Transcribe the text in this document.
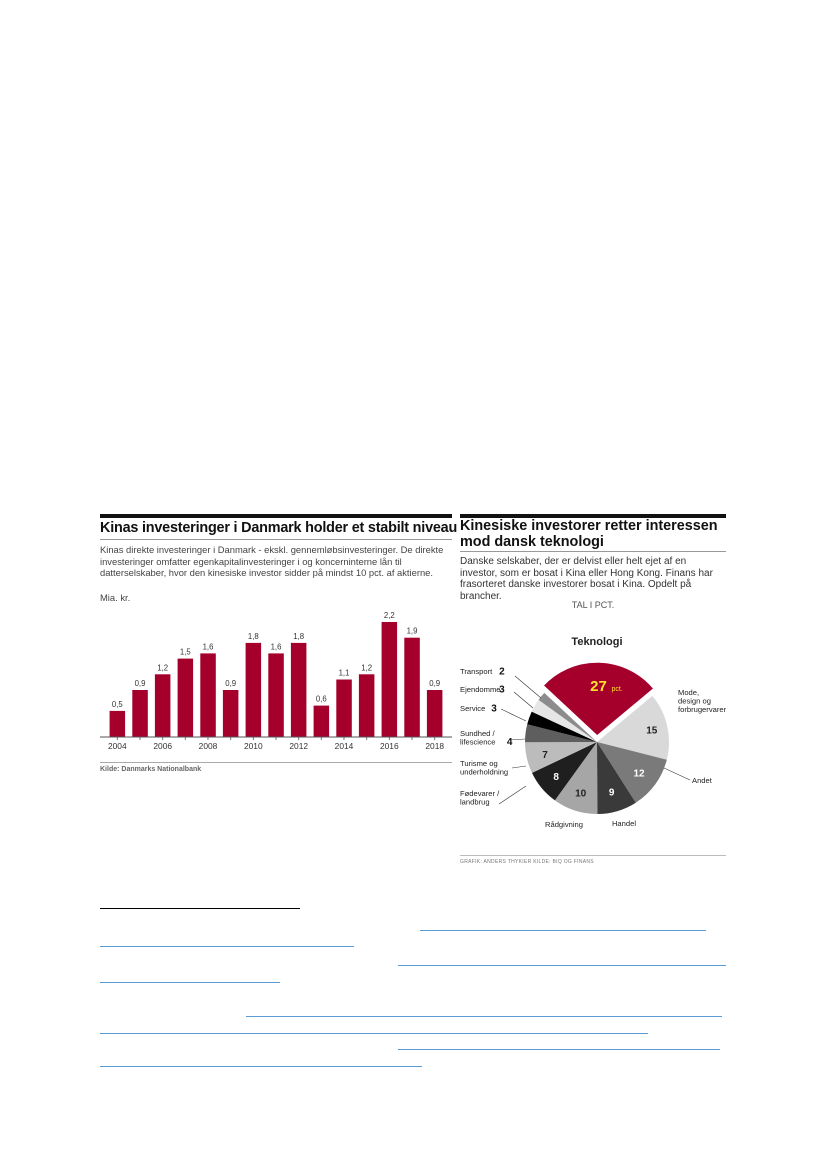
Kinas investeringer i Danmark holder et stabilt niveau
Kinas direkte investeringer i Danmark - ekskl. gennemløbsinvesteringer. De direkte investeringer omfatter egenkapitalinvesteringer i og koncerninterne lån til datterselskaber, hvor den kinesiske investor sidder på mindst 10 pct. af aktierne.
Mia. kr.
0,5
0,9
1,2
1,5
1,6
0,9
1,8
1,6
1,8
0,6
1,1
1,2
2,2
1,9
0,9
2004	2006	2008	2010	2012	2014	2016	2018
Kilde: Danmarks Nationalbank
Kinesiske investorer retter interessen mod dansk teknologi
Danske selskaber, der er delvist eller helt ejet af en investor, som er bosat i Kina eller Hong Kong. Finans har frasorteret danske investorer bosat i Kina. Opdelt på brancher.
TAL I PCT.
27 pct.
Teknologi
15
Mode, design og forbrugervarer
12
Andet
9
Handel
10
Rådgivning
8
Fødevarer / landbrug
7
Turisme og underholdning
Sundhed / lifescience 4
Service 3
Ejendomme
3
Transport 2
GRAFIK: ANDERS THYKIER KILDE: BIQ OG FINANS
